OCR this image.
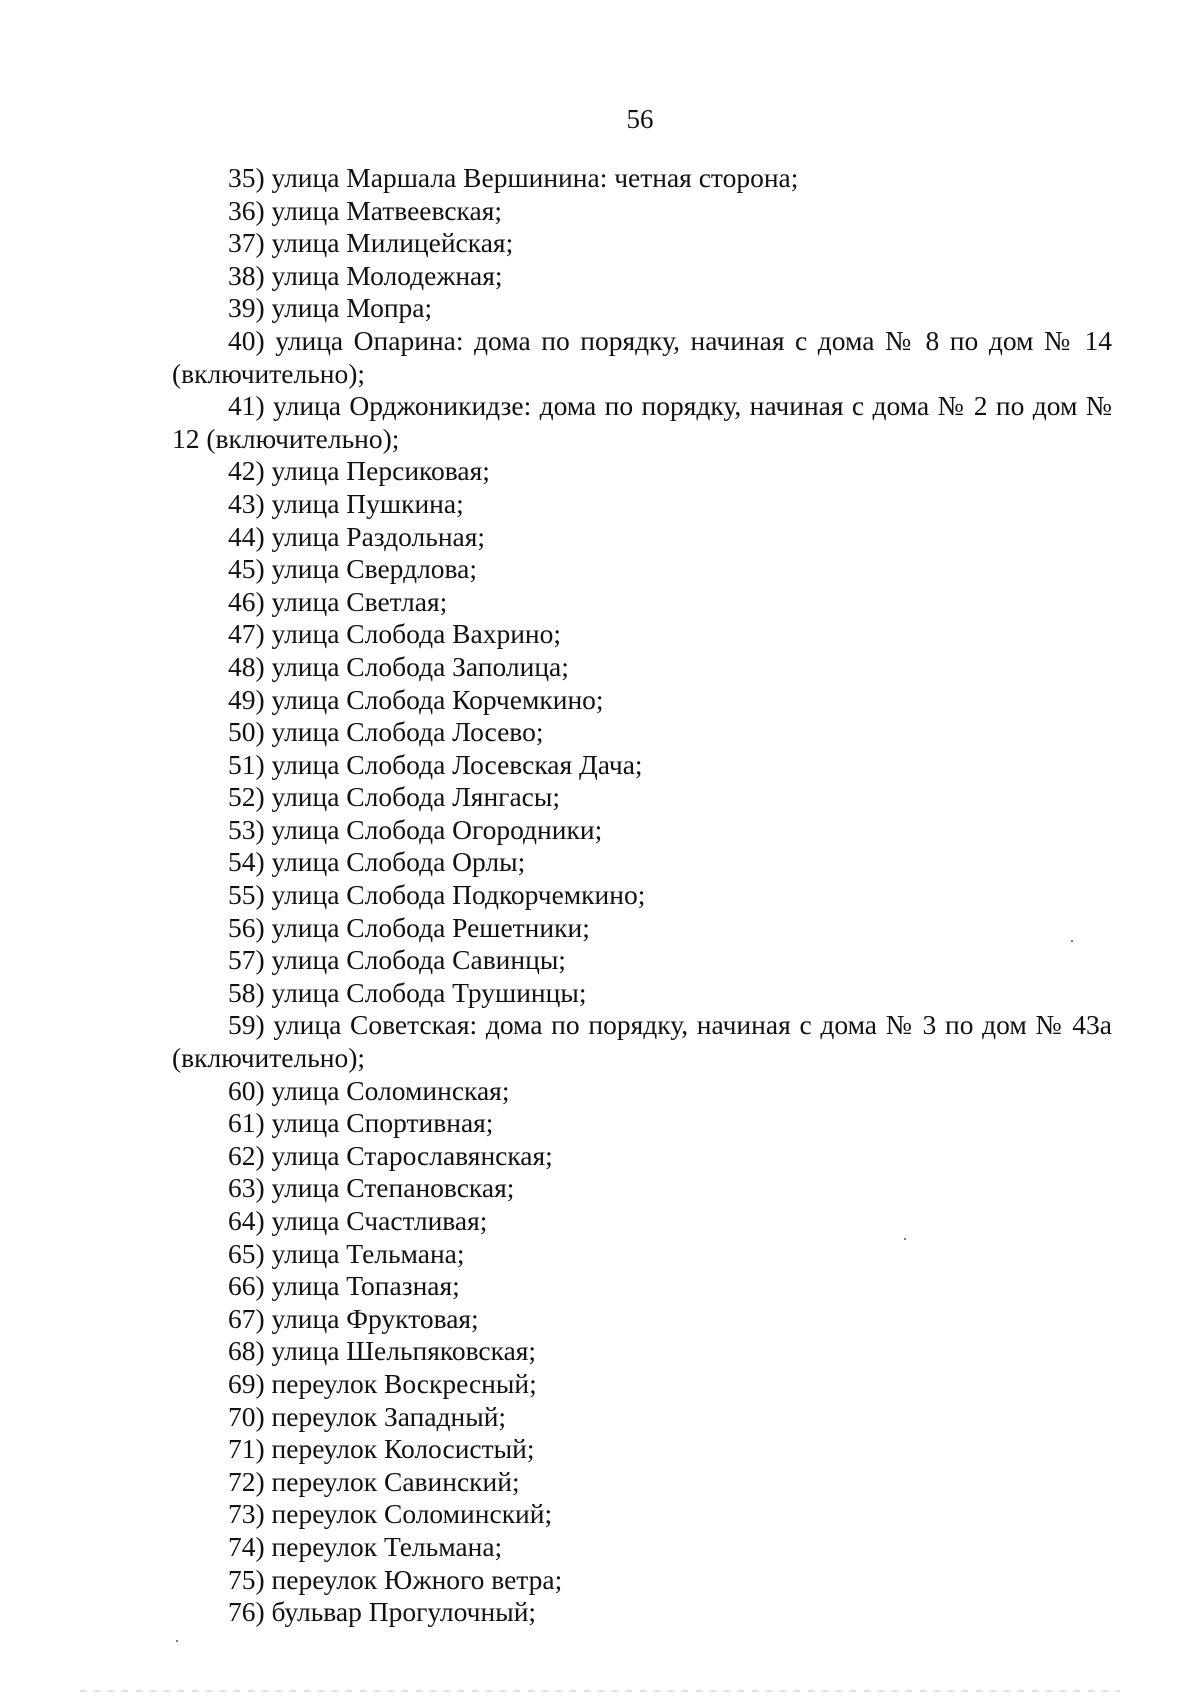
56

35) улица Маршала Вершинина: четная сторона;

36) улица Матвеевская;

37) улица Милицейская;

38) улица Молодежная;

39) улица Мопра;

40) улица Опарина: дома по порядку, начиная с дома № 8 по дом № 14 (включительно);

41) улица Орджоникидзе: дома по порядку, начиная с дома № 2 по дом № 12 (включительно);

42) улица Персиковая;

43) улица Пушкина;

44) улица Раздольная;

45) улица Свердлова;

46) улица Светлая;

47) улица Слобода Вахрино;

48) улица Слобода Заполица;

49) улица Слобода Корчемкино;

50) улица Слобода Лосево;

51) улица Слобода Лосевская Дача;

52) улица Слобода Лянгасы;

53) улица Слобода Огородники;

54) улица Слобода Орлы;

55) улица Слобода Подкорчемкино;

56) улица Слобода Решетники;

57) улица Слобода Савинцы;

58) улица Слобода Трушинцы;

59) улица Советская: дома по порядку, начиная с дома № 3 по дом № 43а (включительно);

60) улица Соломинская;

61) улица Спортивная;

62) улица Старославянская;

63) улица Степановская;

64) улица Счастливая;

65) улица Тельмана;

66) улица Топазная;

67) улица Фруктовая;

68) улица Шельпяковская;

69) переулок Воскресный;

70) переулок Западный;

71) переулок Колосистый;

72) переулок Савинский;

73) переулок Соломинский;

74) переулок Тельмана;

75) переулок Южного ветра;

76) бульвар Прогулочный;
